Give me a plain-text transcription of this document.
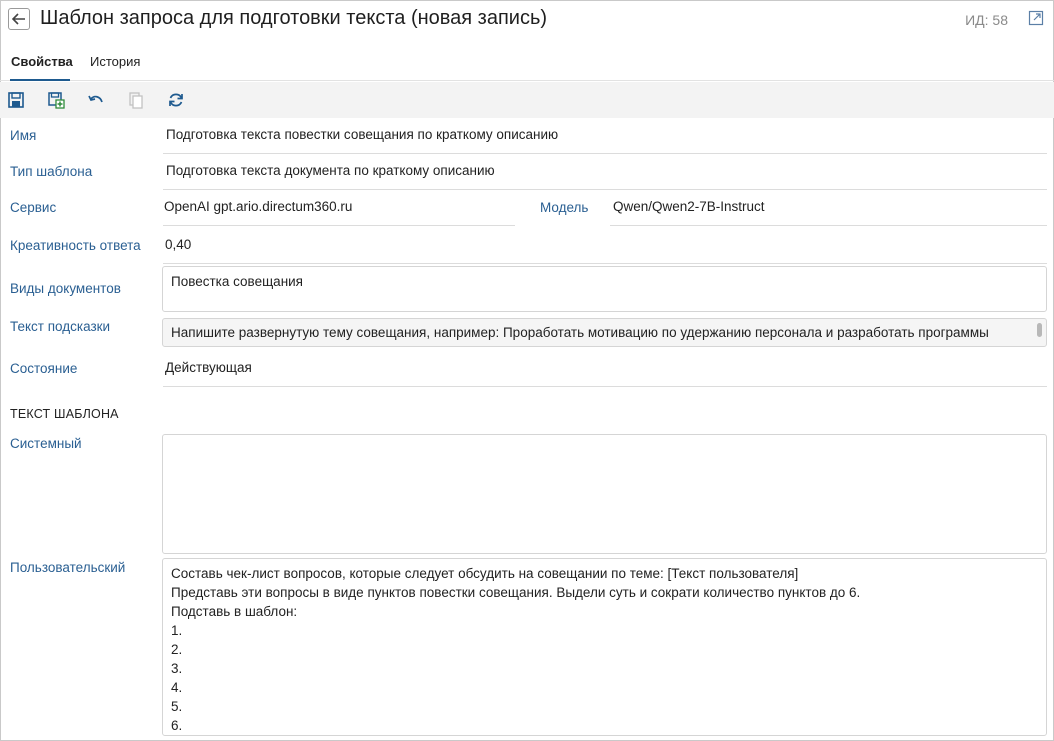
Шаблон запроса для подготовки текста (новая запись)	ИД: 58
Свойства История
Имя	Подготовка текста повестки совещания по краткому описанию
Тип шаблона	Подготовка текста документа по краткому описанию
Сервис	OpenAI gpt.ario.directum360.ru	Модель Qwen/Qwen2-7B-Instruct
Креативность ответа 0,40
Виды документов	Повестка совещания
Текст подсказки	Напишите развернутую тему совещания, например: Проработать мотивацию по удержанию персонала и разработать программы
Состояние	Действующая
ТЕКСТ ШАБЛОНА
Системный
Пользовательский	Составь чек-лист вопросов, которые следует обсудить на совещании по теме: [Текст пользователя]
Представь эти вопросы в виде пунктов повестки совещания. Выдели суть и сократи количество пунктов до 6.
Подставь в шаблон:
1.
2.
3.
4.
5.
6.
